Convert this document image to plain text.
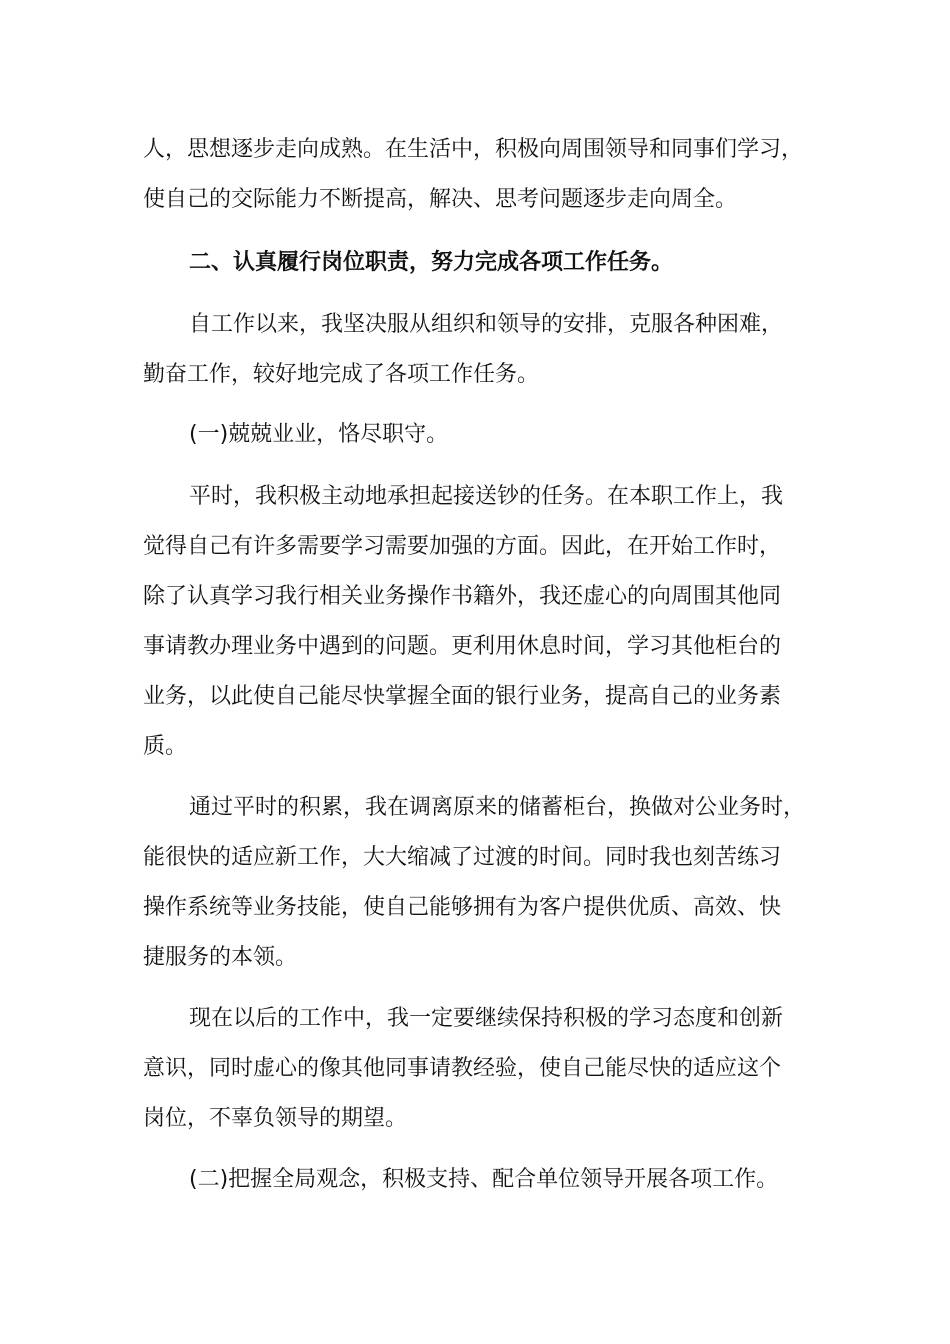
人，思想逐步走向成熟。在生活中，积极向周围领导和同事们学习，
使自己的交际能力不断提高，解决、思考问题逐步走向周全。

二、认真履行岗位职责，努力完成各项工作任务。

自工作以来，我坚决服从组织和领导的安排，克服各种困难，
勤奋工作，较好地完成了各项工作任务。

(一)兢兢业业，恪尽职守。

平时，我积极主动地承担起接送钞的任务。在本职工作上，我
觉得自己有许多需要学习需要加强的方面。因此，在开始工作时，
除了认真学习我行相关业务操作书籍外，我还虚心的向周围其他同
事请教办理业务中遇到的问题。更利用休息时间，学习其他柜台的
业务，以此使自己能尽快掌握全面的银行业务，提高自己的业务素
质。

通过平时的积累，我在调离原来的储蓄柜台，换做对公业务时，
能很快的适应新工作，大大缩减了过渡的时间。同时我也刻苦练习
操作系统等业务技能，使自己能够拥有为客户提供优质、高效、快
捷服务的本领。

现在以后的工作中，我一定要继续保持积极的学习态度和创新
意识，同时虚心的像其他同事请教经验，使自己能尽快的适应这个
岗位，不辜负领导的期望。

(二)把握全局观念，积极支持、配合单位领导开展各项工作。
